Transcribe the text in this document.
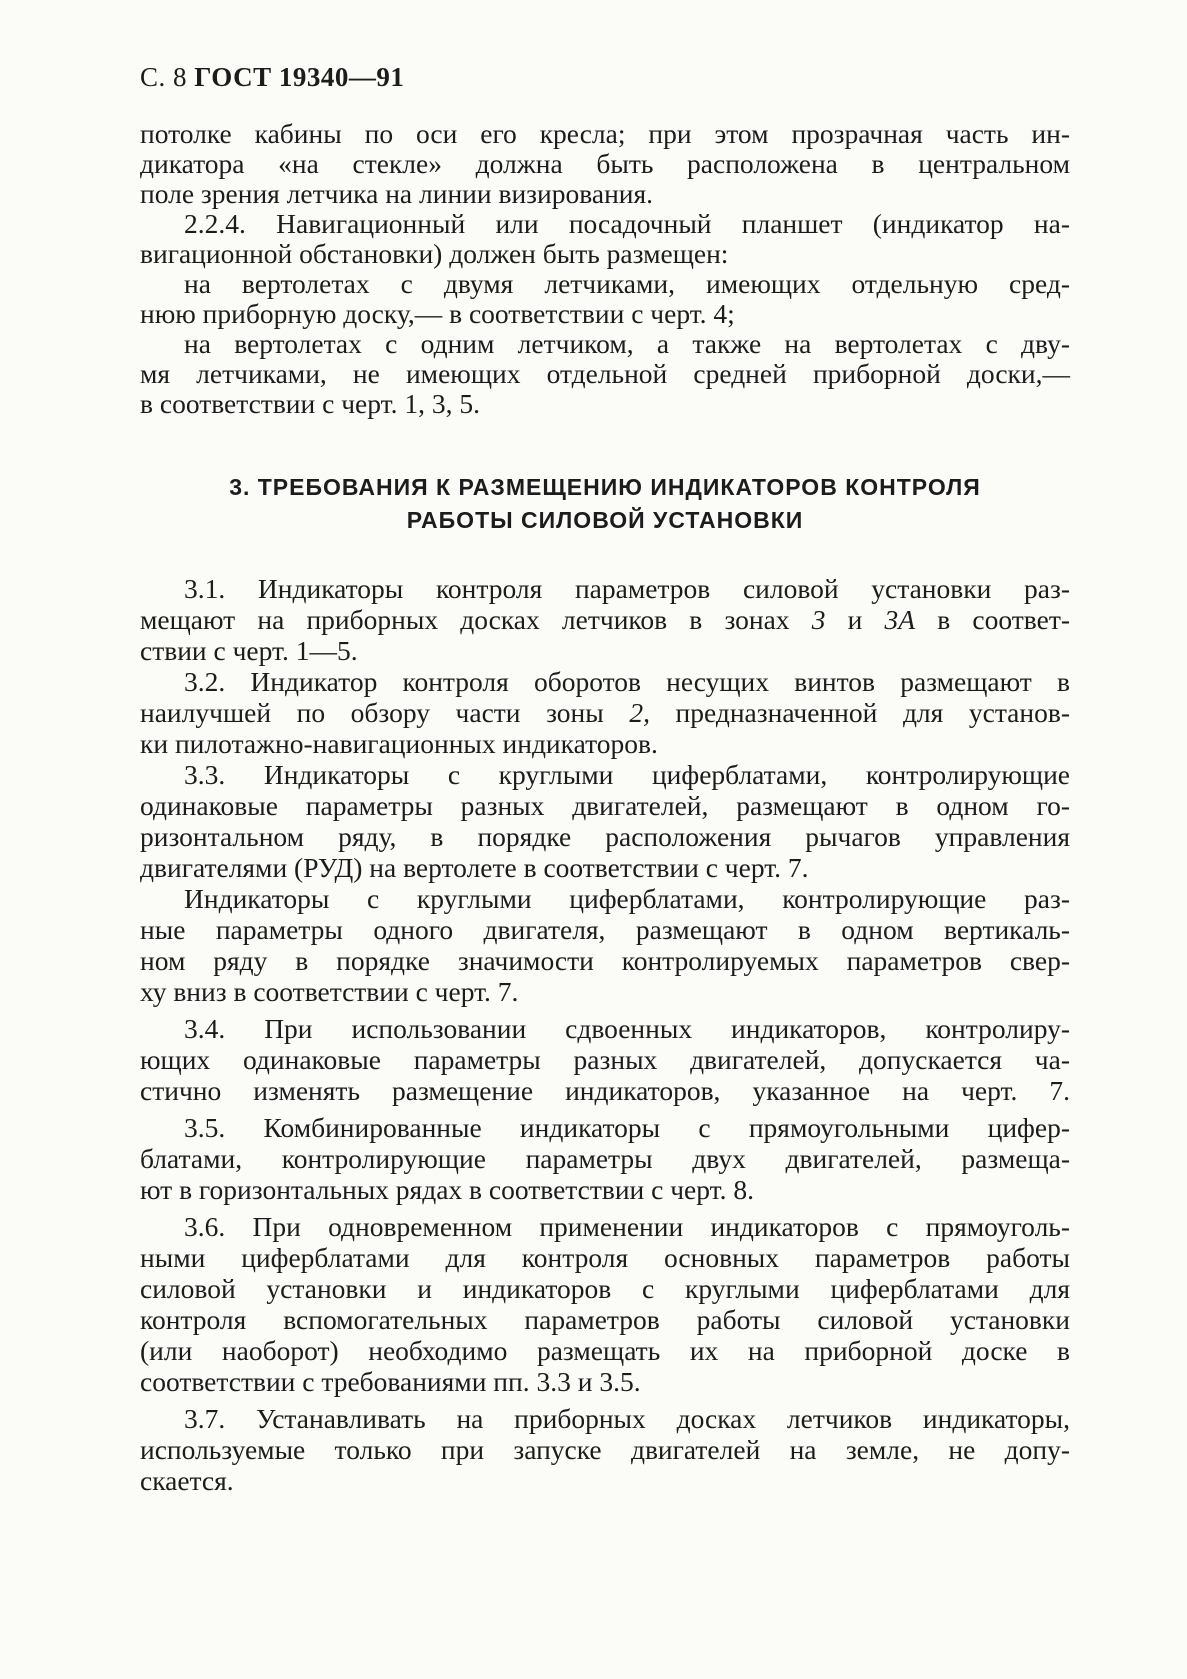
С. 8 ГОСТ 19340—91
потолке кабины по оси его кресла; при этом прозрачная часть ин-
дикатора «на стекле» должна быть расположена в центральном
поле зрения летчика на линии визирования.
2.2.4. Навигационный или посадочный планшет (индикатор на-
вигационной обстановки) должен быть размещен:
на вертолетах с двумя летчиками, имеющих отдельную сред-
нюю приборную доску,— в соответствии с черт. 4;
на вертолетах с одним летчиком, а также на вертолетах с дву-
мя летчиками, не имеющих отдельной средней приборной доски,—
в соответствии с черт. 1, 3, 5.
3. ТРЕБОВАНИЯ К РАЗМЕЩЕНИЮ ИНДИКАТОРОВ КОНТРОЛЯ
РАБОТЫ СИЛОВОЙ УСТАНОВКИ
3.1. Индикаторы контроля параметров силовой установки раз-
мещают на приборных досках летчиков в зонах 3 и 3А в соответ-
ствии с черт. 1—5.
3.2. Индикатор контроля оборотов несущих винтов размещают в
наилучшей по обзору части зоны 2, предназначенной для установ-
ки пилотажно-навигационных индикаторов.
3.3. Индикаторы с круглыми циферблатами, контролирующие
одинаковые параметры разных двигателей, размещают в одном го-
ризонтальном ряду, в порядке расположения рычагов управления
двигателями (РУД) на вертолете в соответствии с черт. 7.
Индикаторы с круглыми циферблатами, контролирующие раз-
ные параметры одного двигателя, размещают в одном вертикаль-
ном ряду в порядке значимости контролируемых параметров свер-
ху вниз в соответствии с черт. 7.
3.4. При использовании сдвоенных индикаторов, контролиру-
ющих одинаковые параметры разных двигателей, допускается ча-
стично изменять размещение индикаторов, указанное на черт. 7.
3.5. Комбинированные индикаторы с прямоугольными цифер-
блатами, контролирующие параметры двух двигателей, размеща-
ют в горизонтальных рядах в соответствии с черт. 8.
3.6. При одновременном применении индикаторов с прямоуголь-
ными циферблатами для контроля основных параметров работы
силовой установки и индикаторов с круглыми циферблатами для
контроля вспомогательных параметров работы силовой установки
(или наоборот) необходимо размещать их на приборной доске в
соответствии с требованиями пп. 3.3 и 3.5.
3.7. Устанавливать на приборных досках летчиков индикаторы,
используемые только при запуске двигателей на земле, не допу-
скается.
